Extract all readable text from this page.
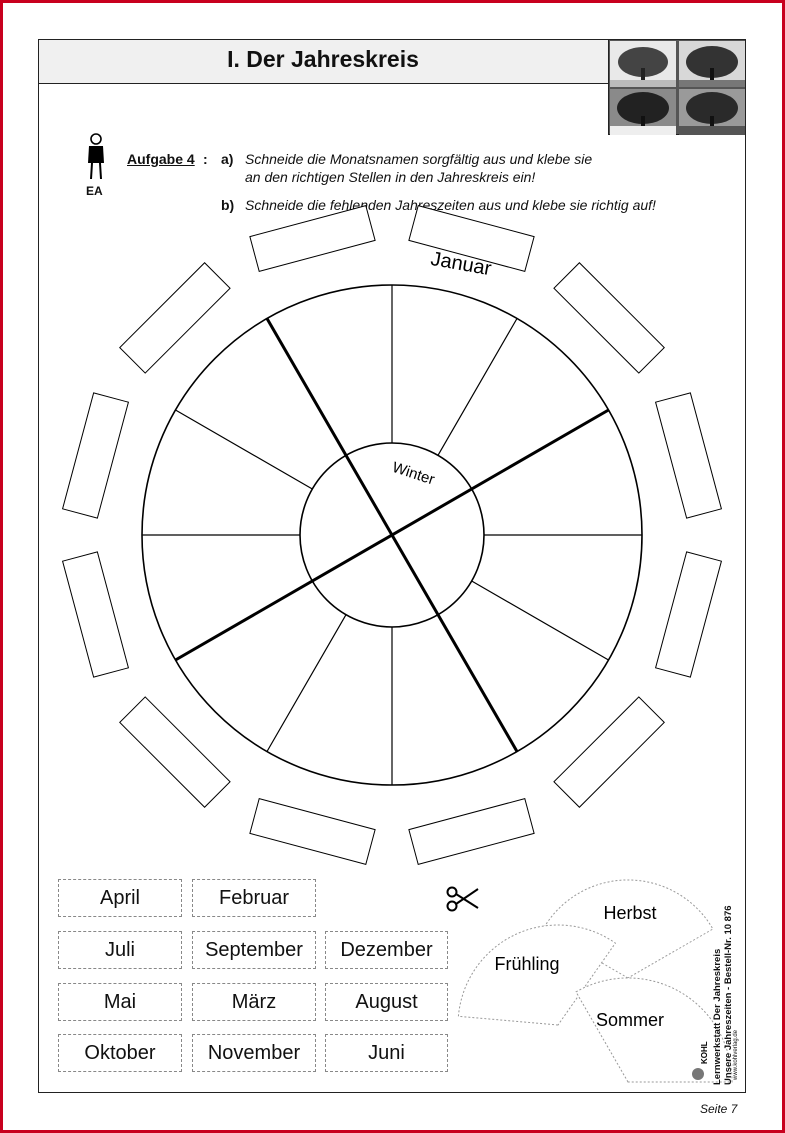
I. Der Jahreskreis
EA
Aufgabe 4 : a) Schneide die Monatsnamen sorgfältig aus und klebe sie
an den richtigen Stellen in den Jahreskreis ein!
b) Schneide die fehlenden Jahreszeiten aus und klebe sie richtig auf!
Januar
Winter
April	Februar
Juli	September	Dezember
Mai	März	August
Oktober	November	Juni
Herbst
Frühling
Sommer	Lernwerkstatt Der Jahreskreis Unsere Jahreszeiten - Bestell-Nr. 10 876 www.kohlverlag.de
KOHL
Seite 7
